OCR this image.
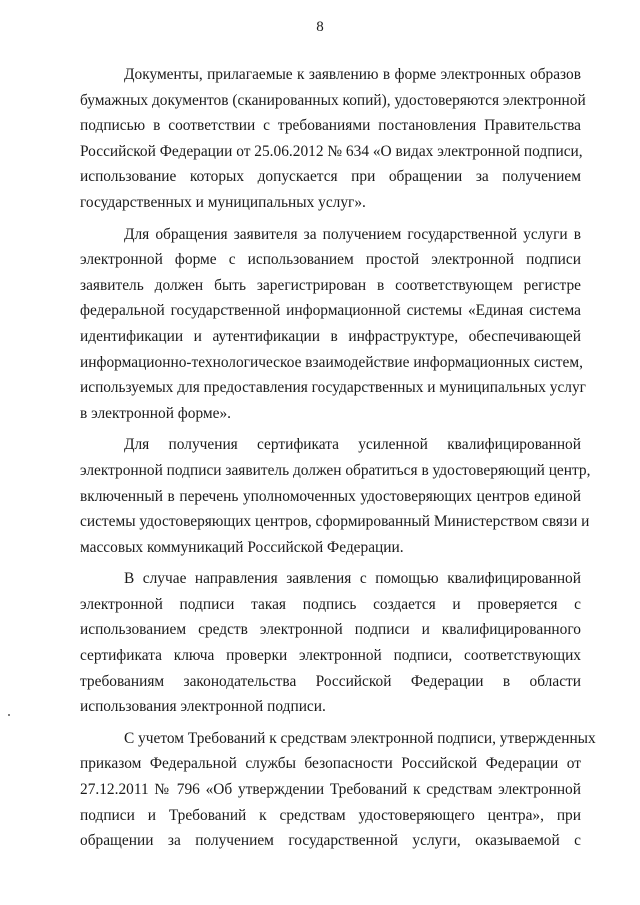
8

Документы, прилагаемые к заявлению в форме электронных образов
бумажных документов (сканированных копий), удостоверяются электронной
подписью в соответствии с требованиями постановления Правительства
Российской Федерации от 25.06.2012 № 634 «О видах электронной подписи,
использование которых допускается при обращении за получением
государственных и муниципальных услуг».

Для обращения заявителя за получением государственной услуги в
электронной форме с использованием простой электронной подписи
заявитель должен быть зарегистрирован в соответствующем регистре
федеральной государственной информационной системы «Единая система
идентификации и аутентификации в инфраструктуре, обеспечивающей
информационно-технологическое взаимодействие информационных систем,
используемых для предоставления государственных и муниципальных услуг
в электронной форме».

Для получения сертификата усиленной квалифицированной
электронной подписи заявитель должен обратиться в удостоверяющий центр,
включенный в перечень уполномоченных удостоверяющих центров единой
системы удостоверяющих центров, сформированный Министерством связи и
массовых коммуникаций Российской Федерации.

В случае направления заявления с помощью квалифицированной
электронной подписи такая подпись создается и проверяется с
использованием средств электронной подписи и квалифицированного
сертификата ключа проверки электронной подписи, соответствующих
требованиям законодательства Российской Федерации в области
использования электронной подписи.

С учетом Требований к средствам электронной подписи, утвержденных
приказом Федеральной службы безопасности Российской Федерации от
27.12.2011 № 796 «Об утверждении Требований к средствам электронной
подписи и Требований к средствам удостоверяющего центра», при
обращении за получением государственной услуги, оказываемой с
